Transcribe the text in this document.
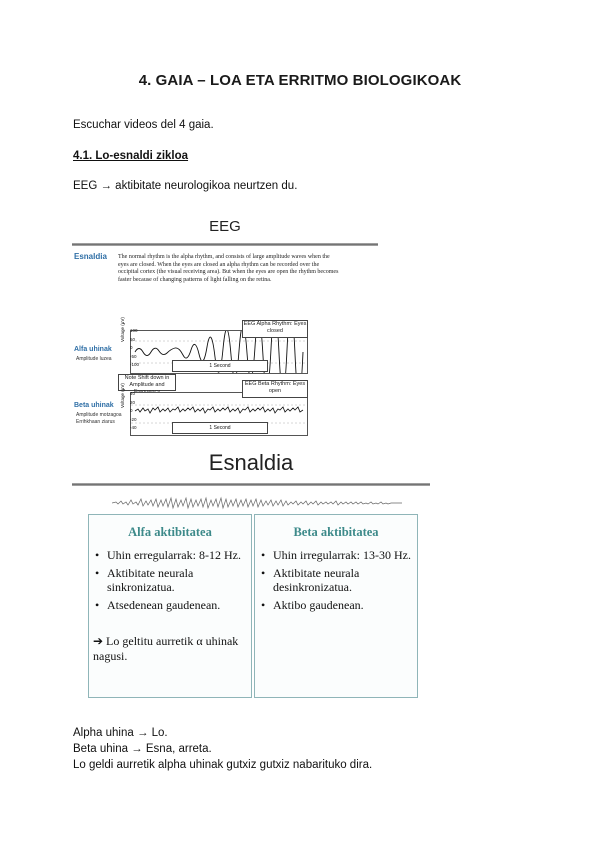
4. GAIA – LOA ETA ERRITMO BIOLOGIKOAK
Escuchar videos del 4 gaia.
4.1. Lo-esnaldi zikloa
EEG → aktibitate neurologikoa neurtzen du.
EEG
Esnaldia The normal rhythm is the alpha rhythm, and consists of large amplitude waves when the eyes are closed. When the eyes are closed an alpha rhythm can be recorded over the occipital cortex (the visual receiving area). But when the eyes are open the rhythm becomes faster because of changing patterns of light falling on the retina.
Alfa uhinak
Amplitude luzea
100
50
0
-50
-100
EEG Alpha Rhythm: Eyes closed
1 Second
Note Shift down in Amplitude and
Beta uhinak
Amplitude motzagoa
Errihkhaan ziarus
40
20
0
-20
-40
EEG Beta Rhythm: Eyes open
1 Second
Voltage (μV)
Voltage (μV)
Esnaldia
Alfa aktibitatea
• Uhin erregularrak: 8-12 Hz.
• Aktibitate neurala sinkronizatua.
• Atsedenean gaudenean.
➔ Lo geltitu aurretik α uhinak nagusi.
Beta aktibitatea
• Uhin irregularrak: 13-30 Hz.
• Aktibitate neurala desinkronizatua.
• Aktibo gaudenean.
Alpha uhina → Lo.
Beta uhina → Esna, arreta.
Lo geldi aurretik alpha uhinak gutxiz gutxiz nabarituko dira.
